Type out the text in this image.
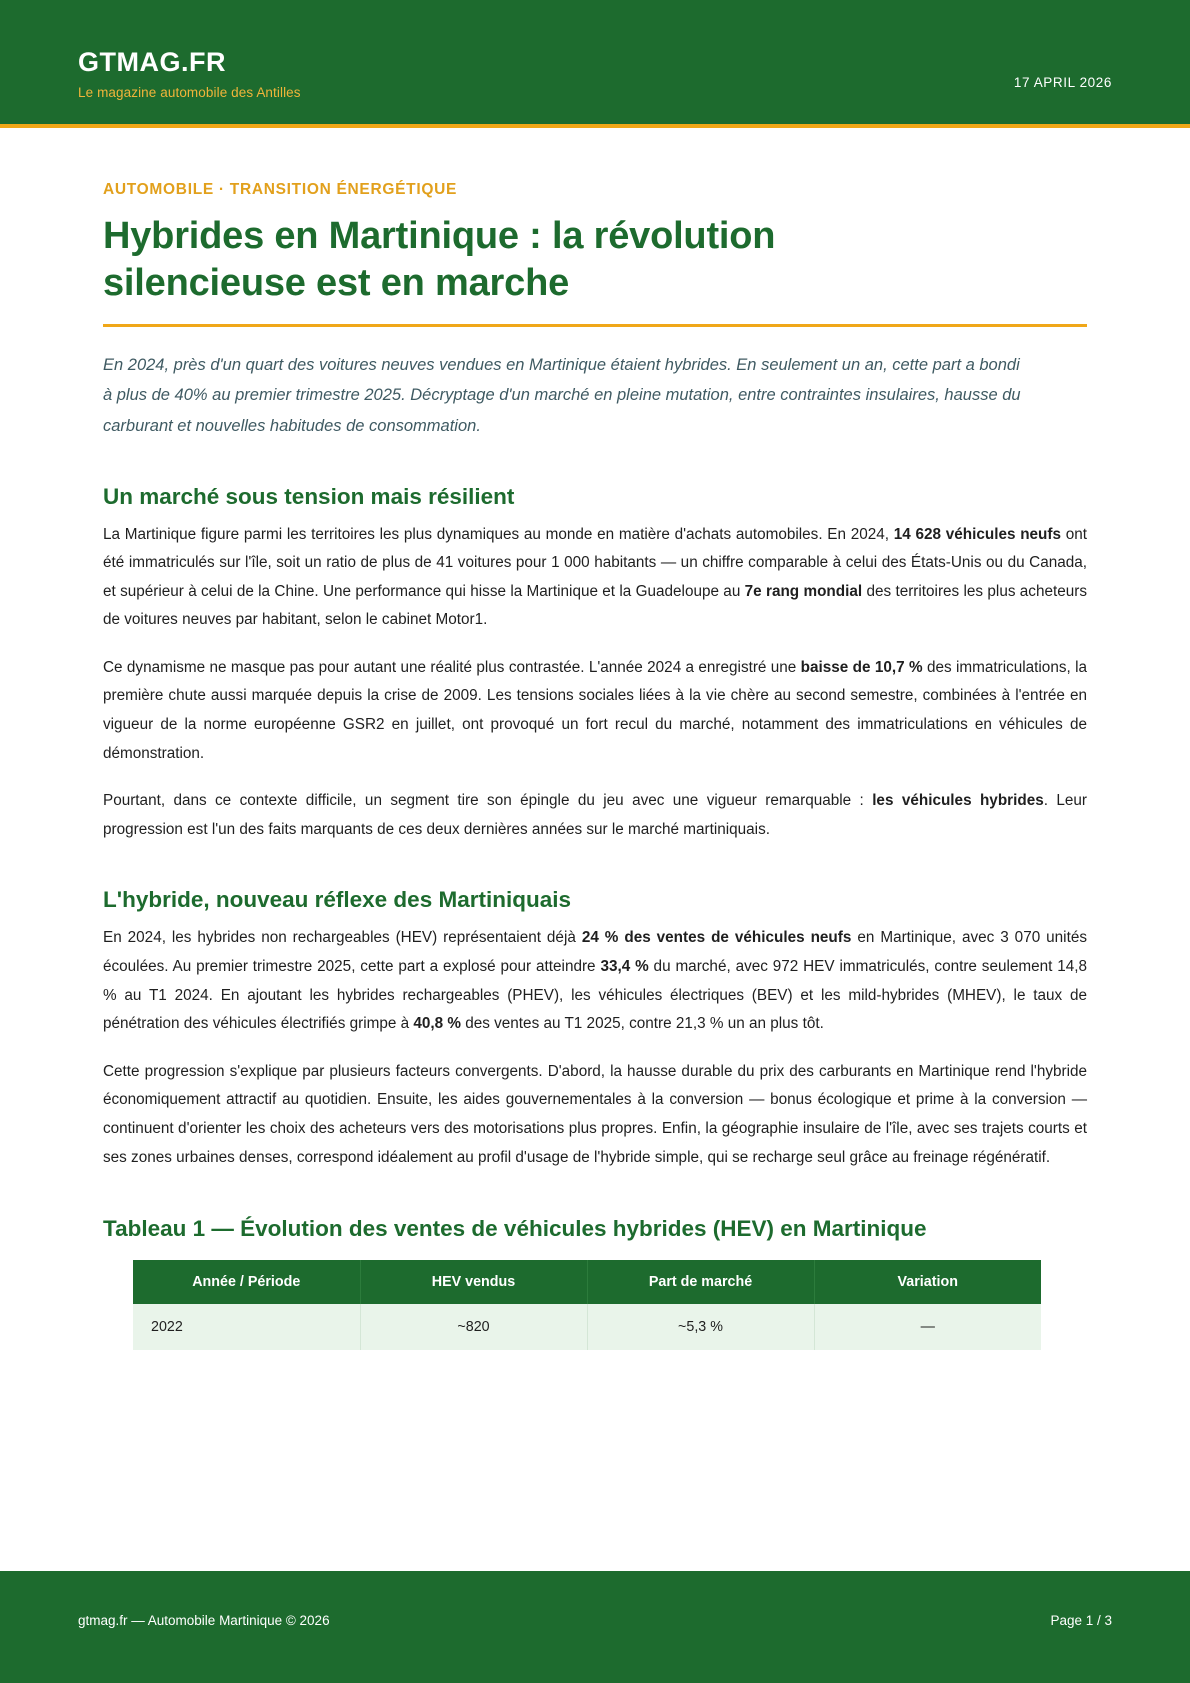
GTMAG.FR
Le magazine automobile des Antilles
17 APRIL 2026
AUTOMOBILE · TRANSITION ÉNERGÉTIQUE
Hybrides en Martinique : la révolution silencieuse est en marche
En 2024, près d'un quart des voitures neuves vendues en Martinique étaient hybrides. En seulement un an, cette part a bondi à plus de 40% au premier trimestre 2025. Décryptage d'un marché en pleine mutation, entre contraintes insulaires, hausse du carburant et nouvelles habitudes de consommation.
Un marché sous tension mais résilient

La Martinique figure parmi les territoires les plus dynamiques au monde en matière d'achats automobiles. En 2024, 14 628 véhicules neufs ont été immatriculés sur l'île, soit un ratio de plus de 41 voitures pour 1 000 habitants — un chiffre comparable à celui des États-Unis ou du Canada, et supérieur à celui de la Chine. Une performance qui hisse la Martinique et la Guadeloupe au 7e rang mondial des territoires les plus acheteurs de voitures neuves par habitant, selon le cabinet Motor1.

Ce dynamisme ne masque pas pour autant une réalité plus contrastée. L'année 2024 a enregistré une baisse de 10,7 % des immatriculations, la première chute aussi marquée depuis la crise de 2009. Les tensions sociales liées à la vie chère au second semestre, combinées à l'entrée en vigueur de la norme européenne GSR2 en juillet, ont provoqué un fort recul du marché, notamment des immatriculations en véhicules de démonstration.

Pourtant, dans ce contexte difficile, un segment tire son épingle du jeu avec une vigueur remarquable : les véhicules hybrides. Leur progression est l'un des faits marquants de ces deux dernières années sur le marché martiniquais.

L'hybride, nouveau réflexe des Martiniquais

En 2024, les hybrides non rechargeables (HEV) représentaient déjà 24 % des ventes de véhicules neufs en Martinique, avec 3 070 unités écoulées. Au premier trimestre 2025, cette part a explosé pour atteindre 33,4 % du marché, avec 972 HEV immatriculés, contre seulement 14,8 % au T1 2024. En ajoutant les hybrides rechargeables (PHEV), les véhicules électriques (BEV) et les mild-hybrides (MHEV), le taux de pénétration des véhicules électrifiés grimpe à 40,8 % des ventes au T1 2025, contre 21,3 % un an plus tôt.

Cette progression s'explique par plusieurs facteurs convergents. D'abord, la hausse durable du prix des carburants en Martinique rend l'hybride économiquement attractif au quotidien. Ensuite, les aides gouvernementales à la conversion — bonus écologique et prime à la conversion — continuent d'orienter les choix des acheteurs vers des motorisations plus propres. Enfin, la géographie insulaire de l'île, avec ses trajets courts et ses zones urbaines denses, correspond idéalement au profil d'usage de l'hybride simple, qui se recharge seul grâce au freinage régénératif.

Tableau 1 — Évolution des ventes de véhicules hybrides (HEV) en Martinique
Année / Période	HEV vendus	Part de marché	Variation
2022	~820	~5,3 %	—
gtmag.fr — Automobile Martinique © 2026	Page 1 / 3
